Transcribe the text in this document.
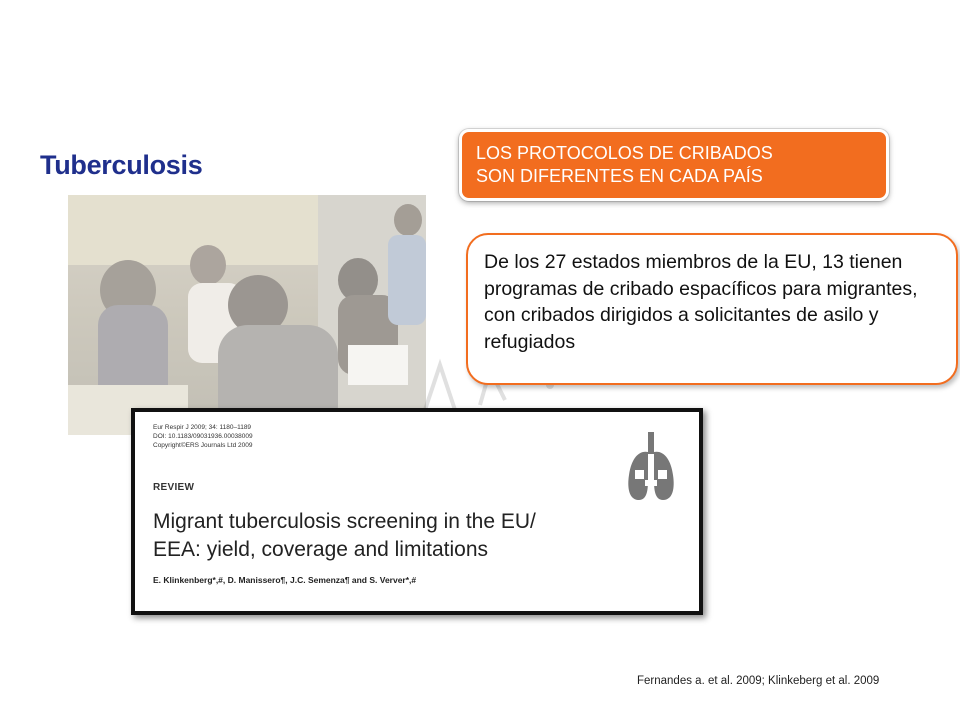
Tuberculosis	LOS PROTOCOLOS DE CRIBADOS
SON DIFERENTES EN CADA PAÍS
De los 27 estados miembros de la EU, 13 tienen programas de cribado espacíficos para migrantes, con cribados dirigidos a solicitantes de asilo y refugiados
Eur Respir J 2009; 34: 1180–1189
DOI: 10.1183/09031936.00038009
Copyright©ERS Journals Ltd 2009
REVIEW
Migrant tuberculosis screening in the EU/
EEA: yield, coverage and limitations
E. Klinkenberg*,#, D. Manissero¶, J.C. Semenza¶ and S. Verver*,#
Fernandes a. et al. 2009; Klinkeberg et al. 2009
